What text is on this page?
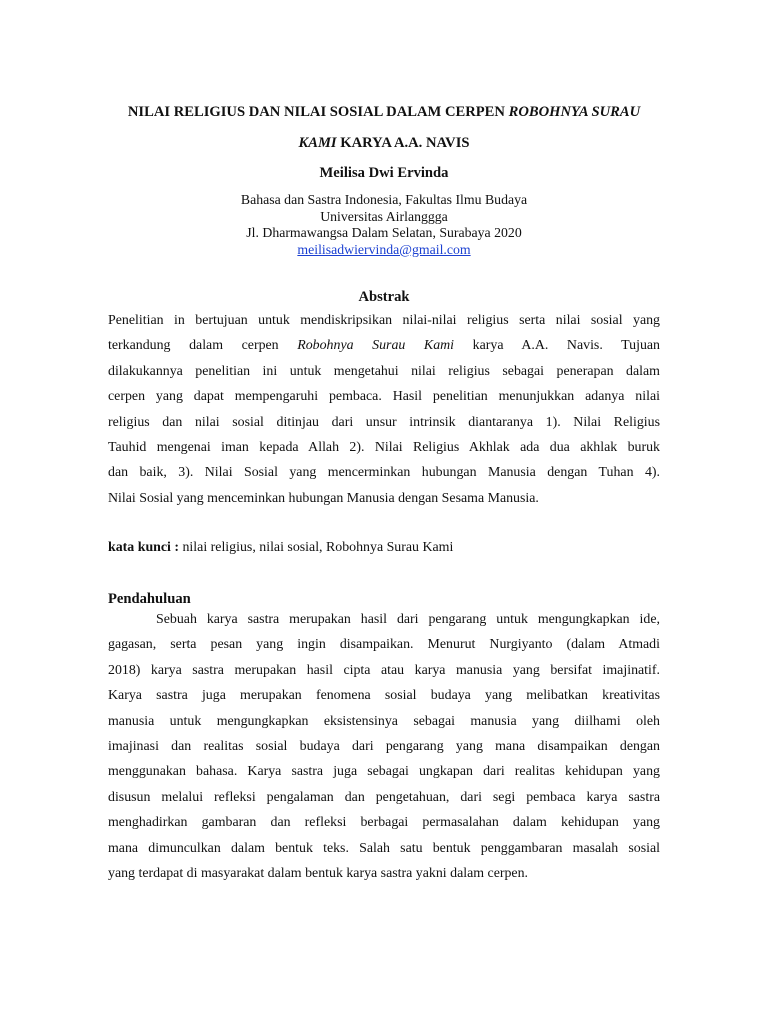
NILAI RELIGIUS DAN NILAI SOSIAL DALAM CERPEN ROBOHNYA SURAU
KAMI KARYA A.A. NAVIS
Meilisa Dwi Ervinda
Bahasa dan Sastra Indonesia, Fakultas Ilmu Budaya
Universitas Airlanggga
Jl. Dharmawangsa Dalam Selatan, Surabaya 2020
meilisadwiervinda@gmail.com
Abstrak
Penelitian in bertujuan untuk mendiskripsikan nilai-nilai religius serta nilai sosial yang
terkandung dalam cerpen Robohnya Surau Kami karya A.A. Navis. Tujuan
dilakukannya penelitian ini untuk mengetahui nilai religius sebagai penerapan dalam
cerpen yang dapat mempengaruhi pembaca. Hasil penelitian menunjukkan adanya nilai
religius dan nilai sosial ditinjau dari unsur intrinsik diantaranya 1). Nilai Religius
Tauhid mengenai iman kepada Allah 2). Nilai Religius Akhlak ada dua akhlak buruk
dan baik, 3). Nilai Sosial yang mencerminkan hubungan Manusia dengan Tuhan 4).
Nilai Sosial yang menceminkan hubungan Manusia dengan Sesama Manusia.
kata kunci : nilai religius, nilai sosial, Robohnya Surau Kami
Pendahuluan
Sebuah karya sastra merupakan hasil dari pengarang untuk mengungkapkan ide,
gagasan, serta pesan yang ingin disampaikan. Menurut Nurgiyanto (dalam Atmadi
2018) karya sastra merupakan hasil cipta atau karya manusia yang bersifat imajinatif.
Karya sastra juga merupakan fenomena sosial budaya yang melibatkan kreativitas
manusia untuk mengungkapkan eksistensinya sebagai manusia yang diilhami oleh
imajinasi dan realitas sosial budaya dari pengarang yang mana disampaikan dengan
menggunakan bahasa. Karya sastra juga sebagai ungkapan dari realitas kehidupan yang
disusun melalui refleksi pengalaman dan pengetahuan, dari segi pembaca karya sastra
menghadirkan gambaran dan refleksi berbagai permasalahan dalam kehidupan yang
mana dimunculkan dalam bentuk teks. Salah satu bentuk penggambaran masalah sosial
yang terdapat di masyarakat dalam bentuk karya sastra yakni dalam cerpen.
